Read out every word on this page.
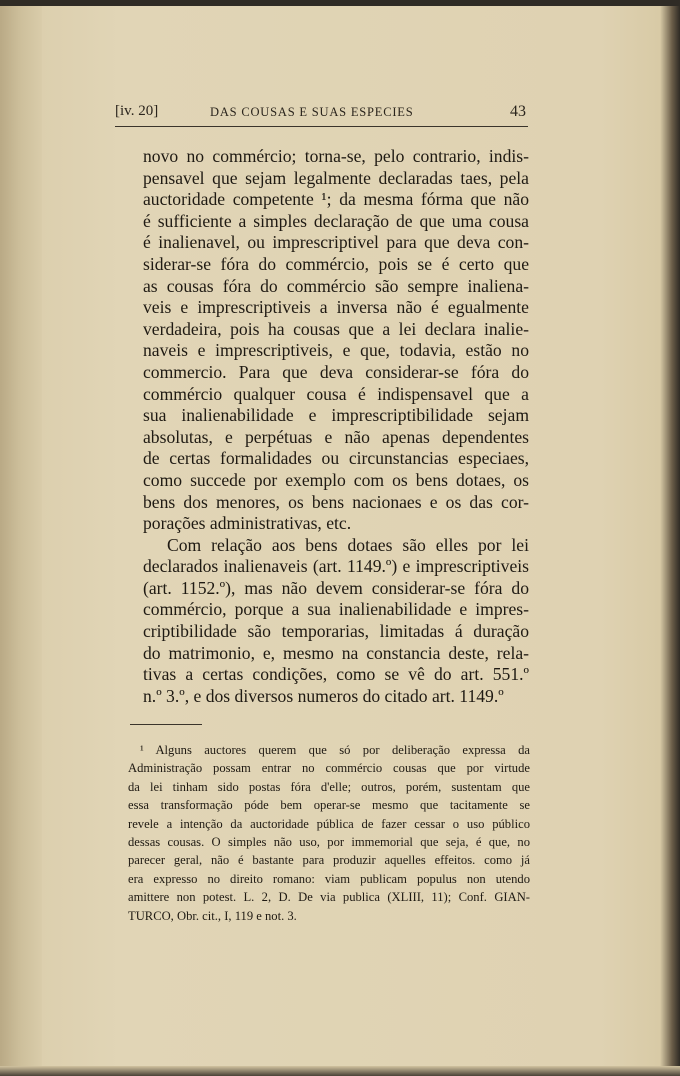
[iv. 20]	DAS COUSAS E SUAS ESPECIES	43
novo no commércio; torna-se, pelo contrario, indis-
pensavel que sejam legalmente declaradas taes, pela
auctoridade competente ¹; da mesma fórma que não
é sufficiente a simples declaração de que uma cousa
é inalienavel, ou imprescriptivel para que deva con-
siderar-se fóra do commércio, pois se é certo que
as cousas fóra do commércio são sempre inaliena-
veis e imprescriptiveis a inversa não é egualmente
verdadeira, pois ha cousas que a lei declara inalie-
naveis e imprescriptiveis, e que, todavia, estão no
commercio. Para que deva considerar-se fóra do
commércio qualquer cousa é indispensavel que a
sua inalienabilidade e imprescriptibilidade sejam
absolutas, e perpétuas e não apenas dependentes
de certas formalidades ou circunstancias especiaes,
como succede por exemplo com os bens dotaes, os
bens dos menores, os bens nacionaes e os das cor-
porações administrativas, etc.
Com relação aos bens dotaes são elles por lei
declarados inalienaveis (art. 1149.º) e imprescriptiveis
(art. 1152.º), mas não devem considerar-se fóra do
commércio, porque a sua inalienabilidade e impres-
criptibilidade são temporarias, limitadas á duração
do matrimonio, e, mesmo na constancia deste, rela-
tivas a certas condições, como se vê do art. 551.º
n.º 3.º, e dos diversos numeros do citado art. 1149.º
¹ Alguns auctores querem que só por deliberação expressa da
Administração possam entrar no commércio cousas que por virtude
da lei tinham sido postas fóra d'elle; outros, porém, sustentam que
essa transformação póde bem operar-se mesmo que tacitamente se
revele a intenção da auctoridade pública de fazer cessar o uso público
dessas cousas. O simples não uso, por immemorial que seja, é que, no
parecer geral, não é bastante para produzir aquelles effeitos. como já
era expresso no direito romano: viam publicam populus non utendo
amittere non potest. L. 2, D. De via publica (XLIII, 11); Conf. GIAN-
TURCO, Obr. cit., I, 119 e not. 3.
